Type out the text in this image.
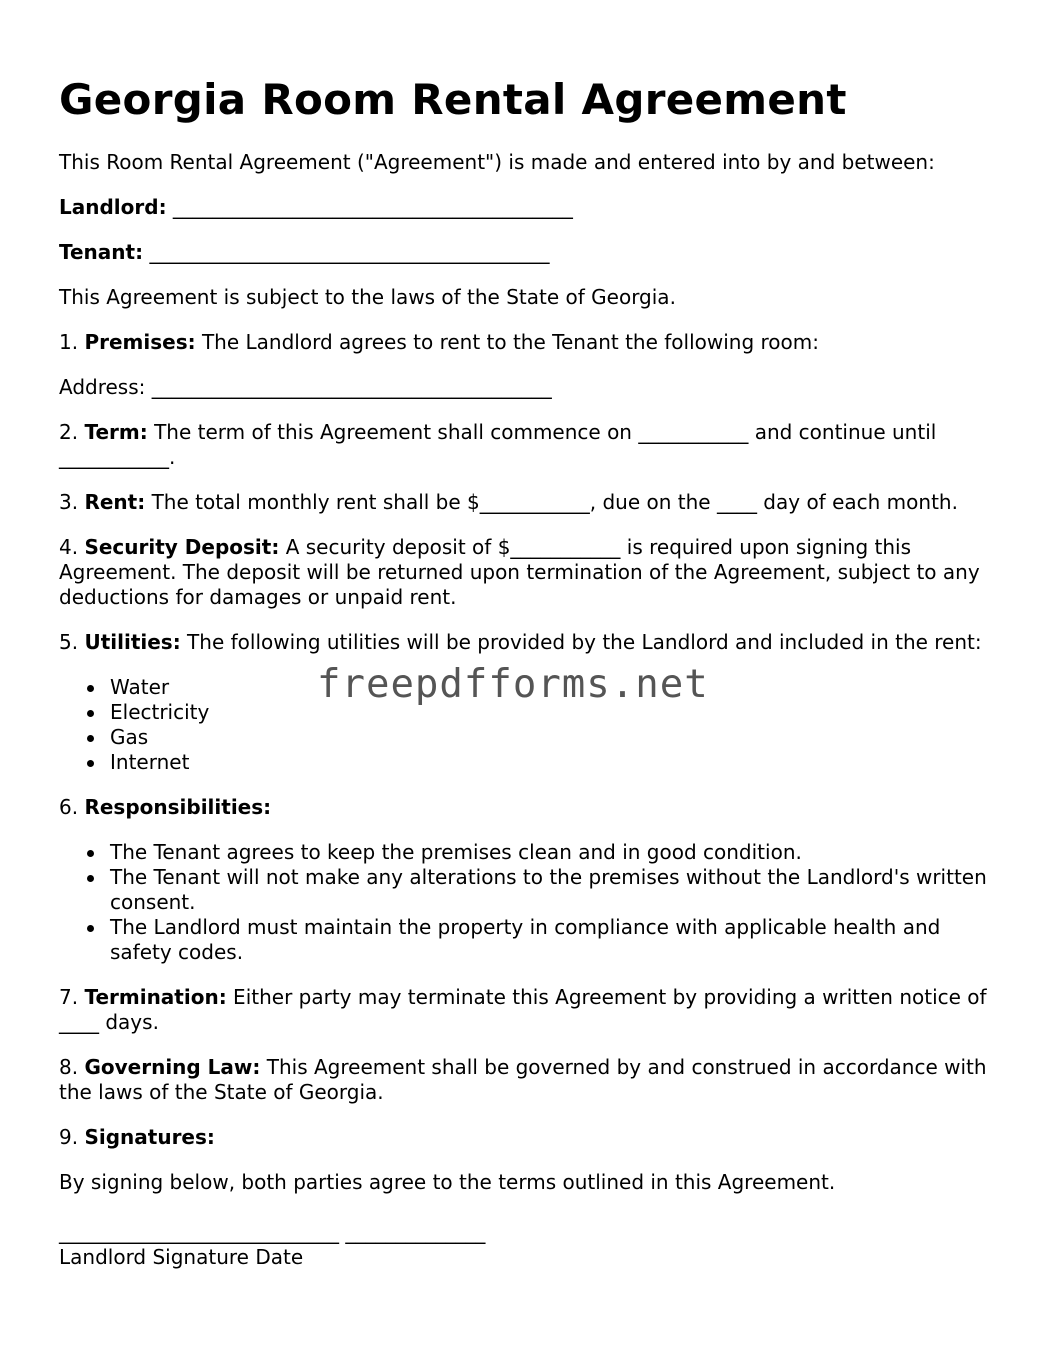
Georgia Room Rental Agreement

This Room Rental Agreement ("Agreement") is made and entered into by and between:

Landlord: ________________________________________

Tenant: ________________________________________

This Agreement is subject to the laws of the State of Georgia.

1. Premises: The Landlord agrees to rent to the Tenant the following room:

Address: ________________________________________

2. Term: The term of this Agreement shall commence on ___________ and continue until ___________.

3. Rent: The total monthly rent shall be $___________, due on the ____ day of each month.

4. Security Deposit: A security deposit of $___________ is required upon signing this Agreement. The deposit will be returned upon termination of the Agreement, subject to any deductions for damages or unpaid rent.

5. Utilities: The following utilities will be provided by the Landlord and included in the rent:

Water
Electricity
Gas
Internet

6. Responsibilities:

The Tenant agrees to keep the premises clean and in good condition.
The Tenant will not make any alterations to the premises without the Landlord's written consent.
The Landlord must maintain the property in compliance with applicable health and safety codes.

7. Termination: Either party may terminate this Agreement by providing a written notice of ____ days.

8. Governing Law: This Agreement shall be governed by and construed in accordance with the laws of the State of Georgia.

9. Signatures:

By signing below, both parties agree to the terms outlined in this Agreement.

____________________________ ______________

Landlord Signature Date

freepdfforms.net
